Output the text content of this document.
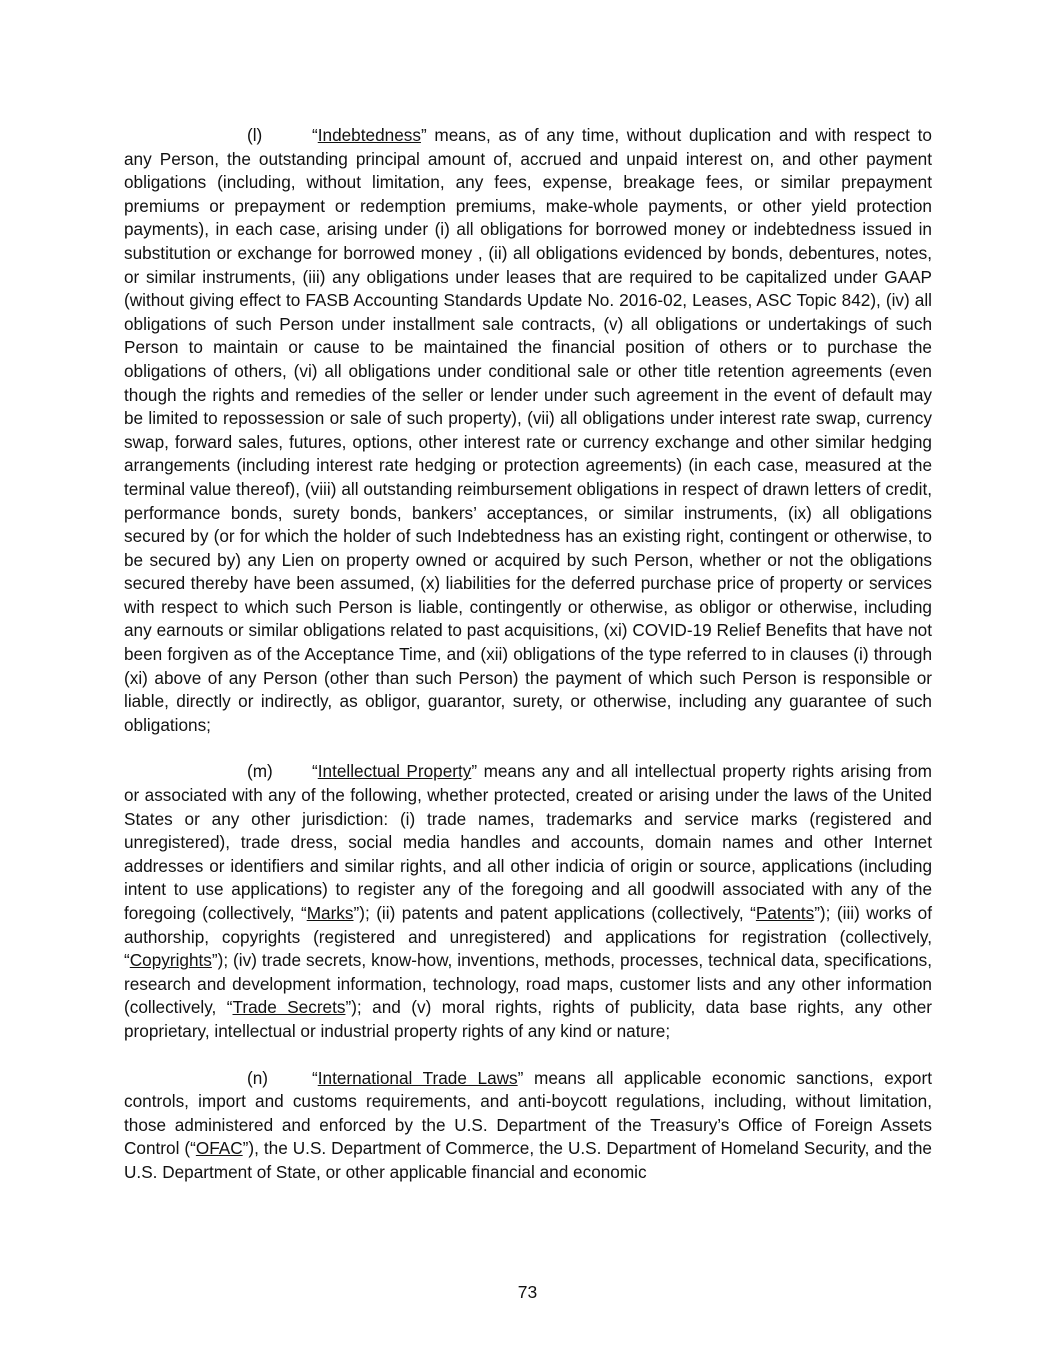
(l)	“Indebtedness” means, as of any time, without duplication and with respect to any Person, the outstanding principal amount of, accrued and unpaid interest on, and other payment obligations (including, without limitation, any fees, expense, breakage fees, or similar prepayment premiums or prepayment or redemption premiums, make-whole payments, or other yield protection payments), in each case, arising under (i) all obligations for borrowed money or indebtedness issued in substitution or exchange for borrowed money , (ii) all obligations evidenced by bonds, debentures, notes, or similar instruments, (iii) any obligations under leases that are required to be capitalized under GAAP (without giving effect to FASB Accounting Standards Update No. 2016-02, Leases, ASC Topic 842), (iv) all obligations of such Person under installment sale contracts, (v) all obligations or undertakings of such Person to maintain or cause to be maintained the financial position of others or to purchase the obligations of others, (vi) all obligations under conditional sale or other title retention agreements (even though the rights and remedies of the seller or lender under such agreement in the event of default may be limited to repossession or sale of such property), (vii) all obligations under interest rate swap, currency swap, forward sales, futures, options, other interest rate or currency exchange and other similar hedging arrangements (including interest rate hedging or protection agreements) (in each case, measured at the terminal value thereof), (viii) all outstanding reimbursement obligations in respect of drawn letters of credit, performance bonds, surety bonds, bankers’ acceptances, or similar instruments, (ix) all obligations secured by (or for which the holder of such Indebtedness has an existing right, contingent or otherwise, to be secured by) any Lien on property owned or acquired by such Person, whether or not the obligations secured thereby have been assumed, (x) liabilities for the deferred purchase price of property or services with respect to which such Person is liable, contingently or otherwise, as obligor or otherwise, including any earnouts or similar obligations related to past acquisitions, (xi) COVID-19 Relief Benefits that have not been forgiven as of the Acceptance Time, and (xii) obligations of the type referred to in clauses (i) through (xi) above of any Person (other than such Person) the payment of which such Person is responsible or liable, directly or indirectly, as obligor, guarantor, surety, or otherwise, including any guarantee of such obligations;

(m) “Intellectual Property” means any and all intellectual property rights arising from or associated with any of the following, whether protected, created or arising under the laws of the United States or any other jurisdiction: (i) trade names, trademarks and service marks (registered and unregistered), trade dress, social media handles and accounts, domain names and other Internet addresses or identifiers and similar rights, and all other indicia of origin or source, applications (including intent to use applications) to register any of the foregoing and all goodwill associated with any of the foregoing (collectively, “Marks”); (ii) patents and patent applications (collectively, “Patents”); (iii) works of authorship, copyrights (registered and unregistered) and applications for registration (collectively, “Copyrights”); (iv) trade secrets, know-how, inventions, methods, processes, technical data, specifications, research and development information, technology, road maps, customer lists and any other information (collectively, “Trade Secrets”); and (v) moral rights, rights of publicity, data base rights, any other proprietary, intellectual or industrial property rights of any kind or nature;

(n)	“International Trade Laws” means all applicable economic sanctions, export controls, import and customs requirements, and anti-boycott regulations, including, without limitation, those administered and enforced by the U.S. Department of the Treasury’s Office of Foreign Assets Control (“OFAC”), the U.S. Department of Commerce, the U.S. Department of Homeland Security, and the U.S. Department of State, or other applicable financial and economic

73
